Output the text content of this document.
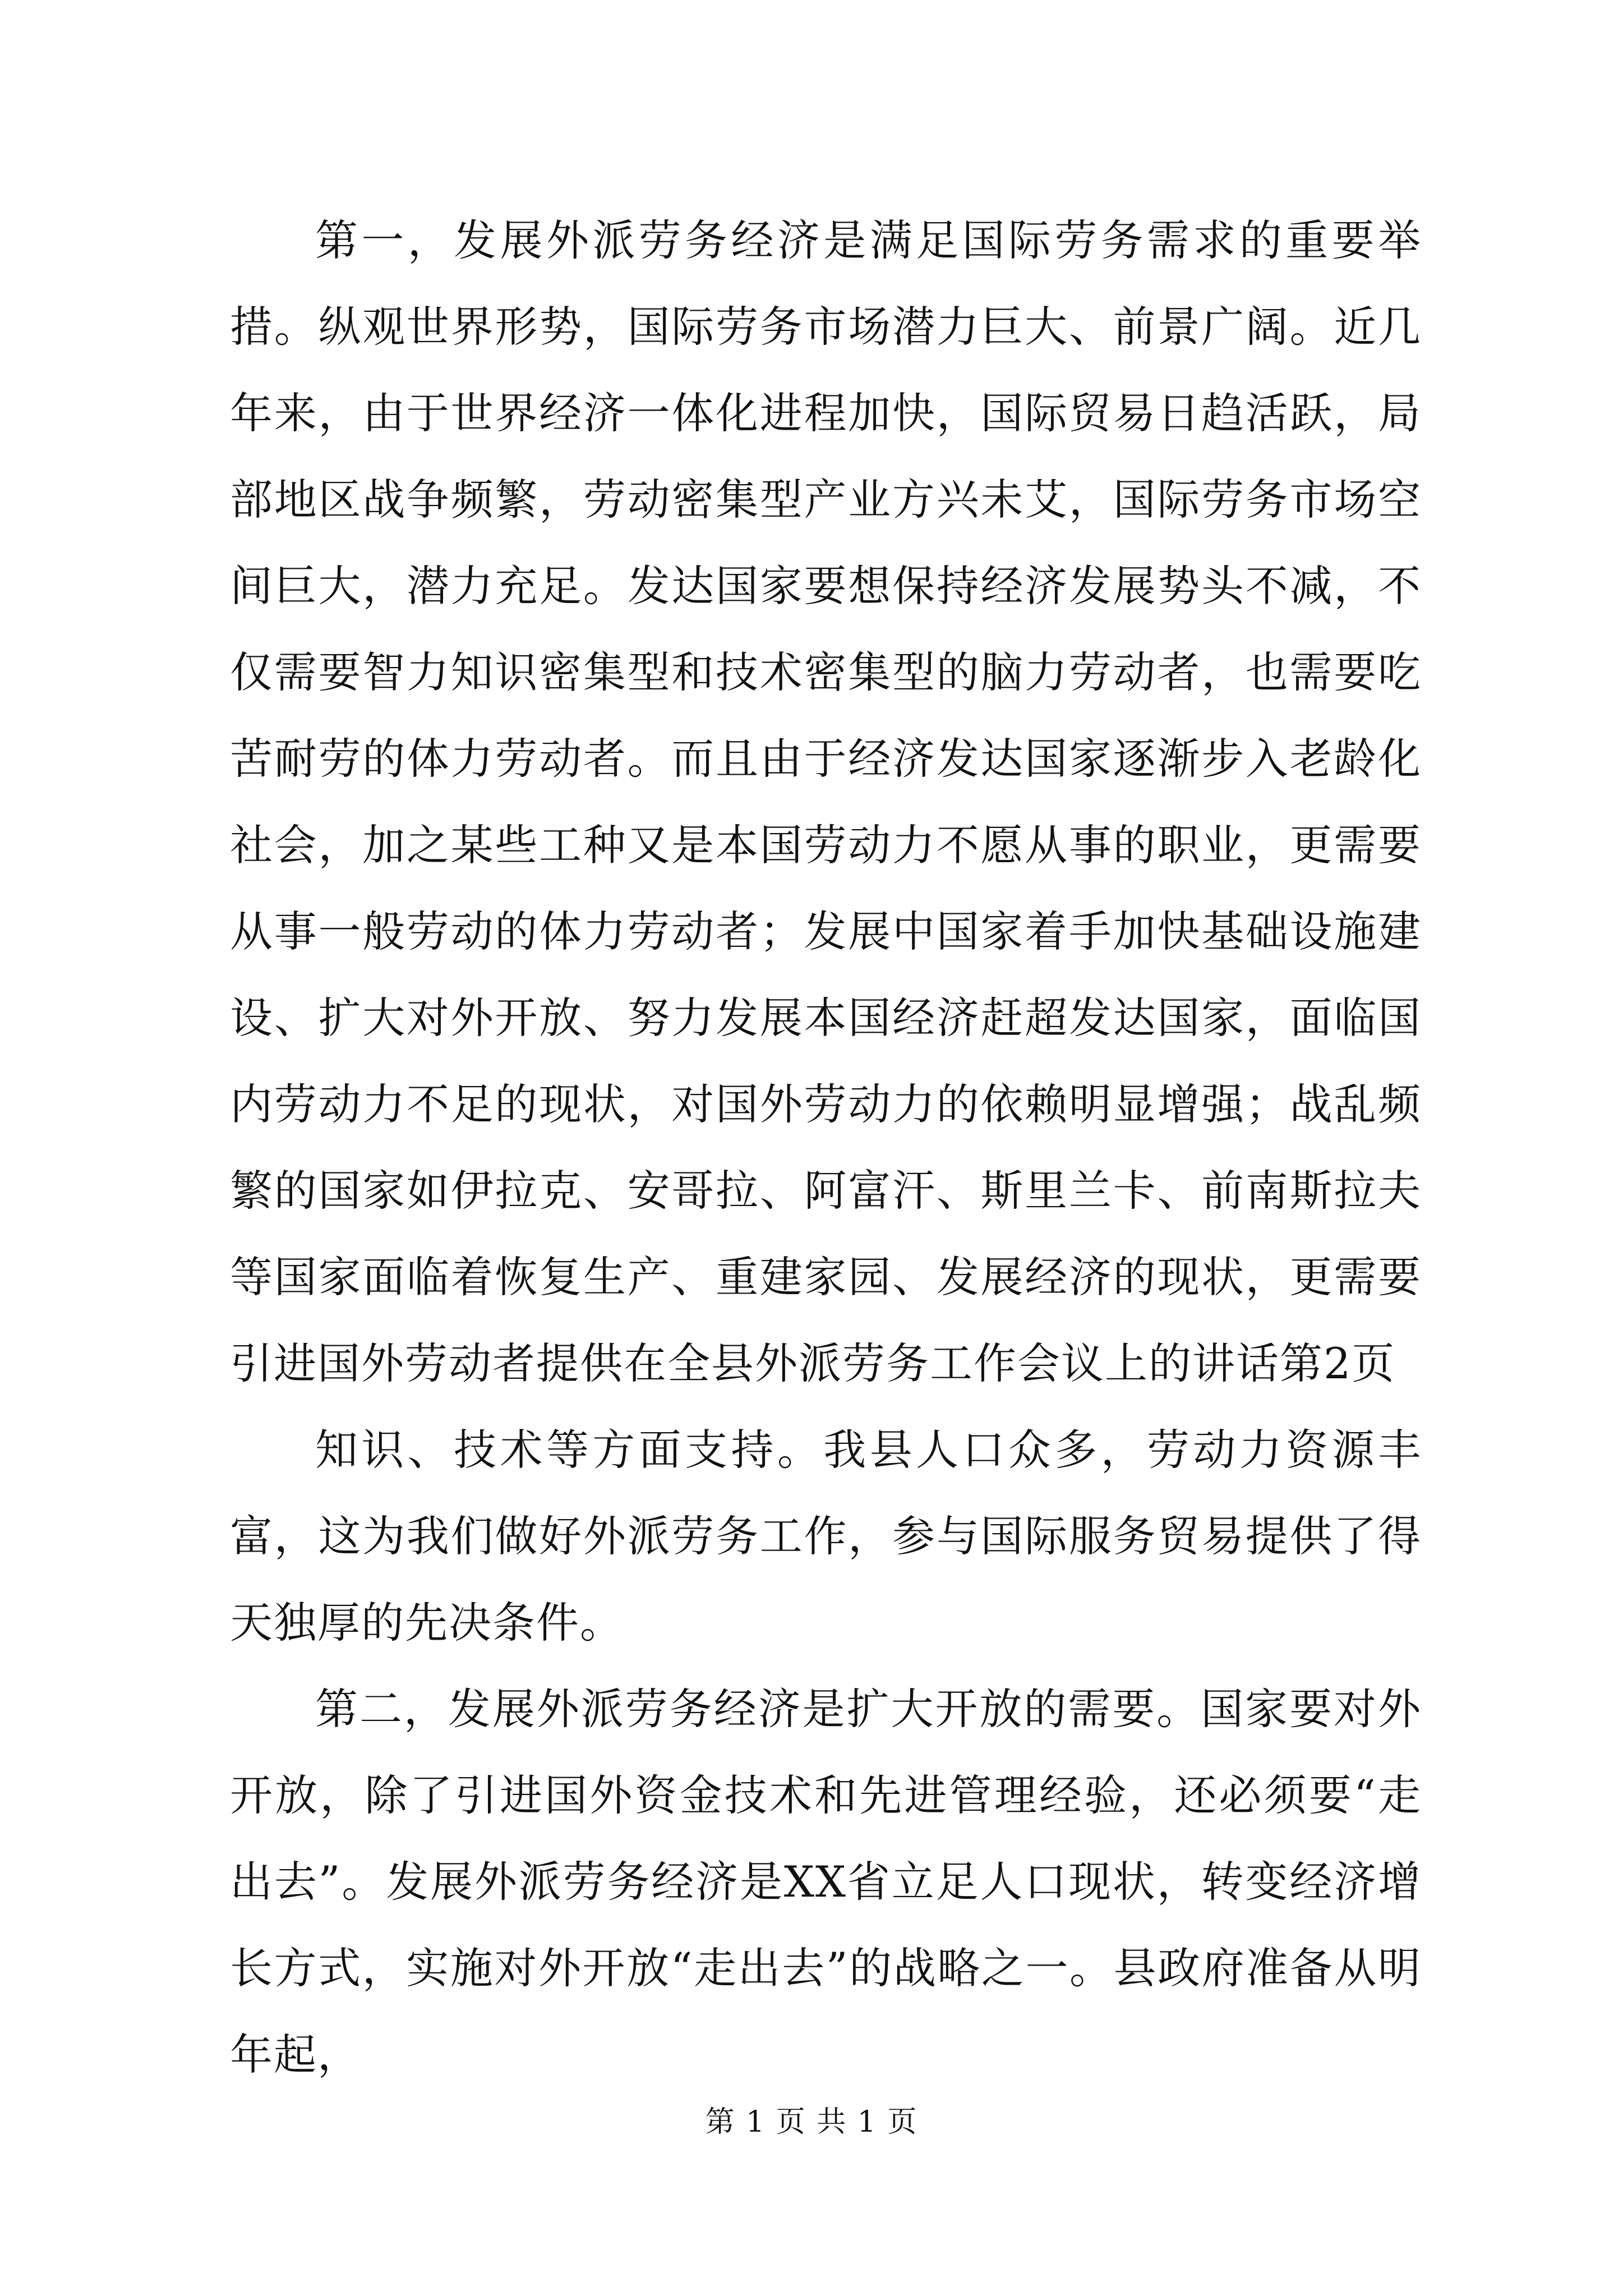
第一，发展外派劳务经济是满足国际劳务需求的重要举措。纵观世界形势，国际劳务市场潜力巨大、前景广阔。近几年来，由于世界经济一体化进程加快，国际贸易日趋活跃，局部地区战争频繁，劳动密集型产业方兴未艾，国际劳务市场空间巨大，潜力充足。发达国家要想保持经济发展势头不减，不仅需要智力知识密集型和技术密集型的脑力劳动者，也需要吃苦耐劳的体力劳动者。而且由于经济发达国家逐渐步入老龄化社会，加之某些工种又是本国劳动力不愿从事的职业，更需要从事一般劳动的体力劳动者；发展中国家着手加快基础设施建设、扩大对外开放、努力发展本国经济赶超发达国家，面临国内劳动力不足的现状，对国外劳动力的依赖明显增强；战乱频繁的国家如伊拉克、安哥拉、阿富汗、斯里兰卡、前南斯拉夫等国家面临着恢复生产、重建家园、发展经济的现状，更需要引进国外劳动者提供在全县外派劳务工作会议上的讲话第2页

知识、技术等方面支持。我县人口众多，劳动力资源丰富，这为我们做好外派劳务工作，参与国际服务贸易提供了得天独厚的先决条件。

第二，发展外派劳务经济是扩大开放的需要。国家要对外开放，除了引进国外资金技术和先进管理经验，还必须要“走出去”。发展外派劳务经济是XX省立足人口现状，转变经济增长方式，实施对外开放“走出去”的战略之一。县政府准备从明年起，

第 1 页 共 1 页
